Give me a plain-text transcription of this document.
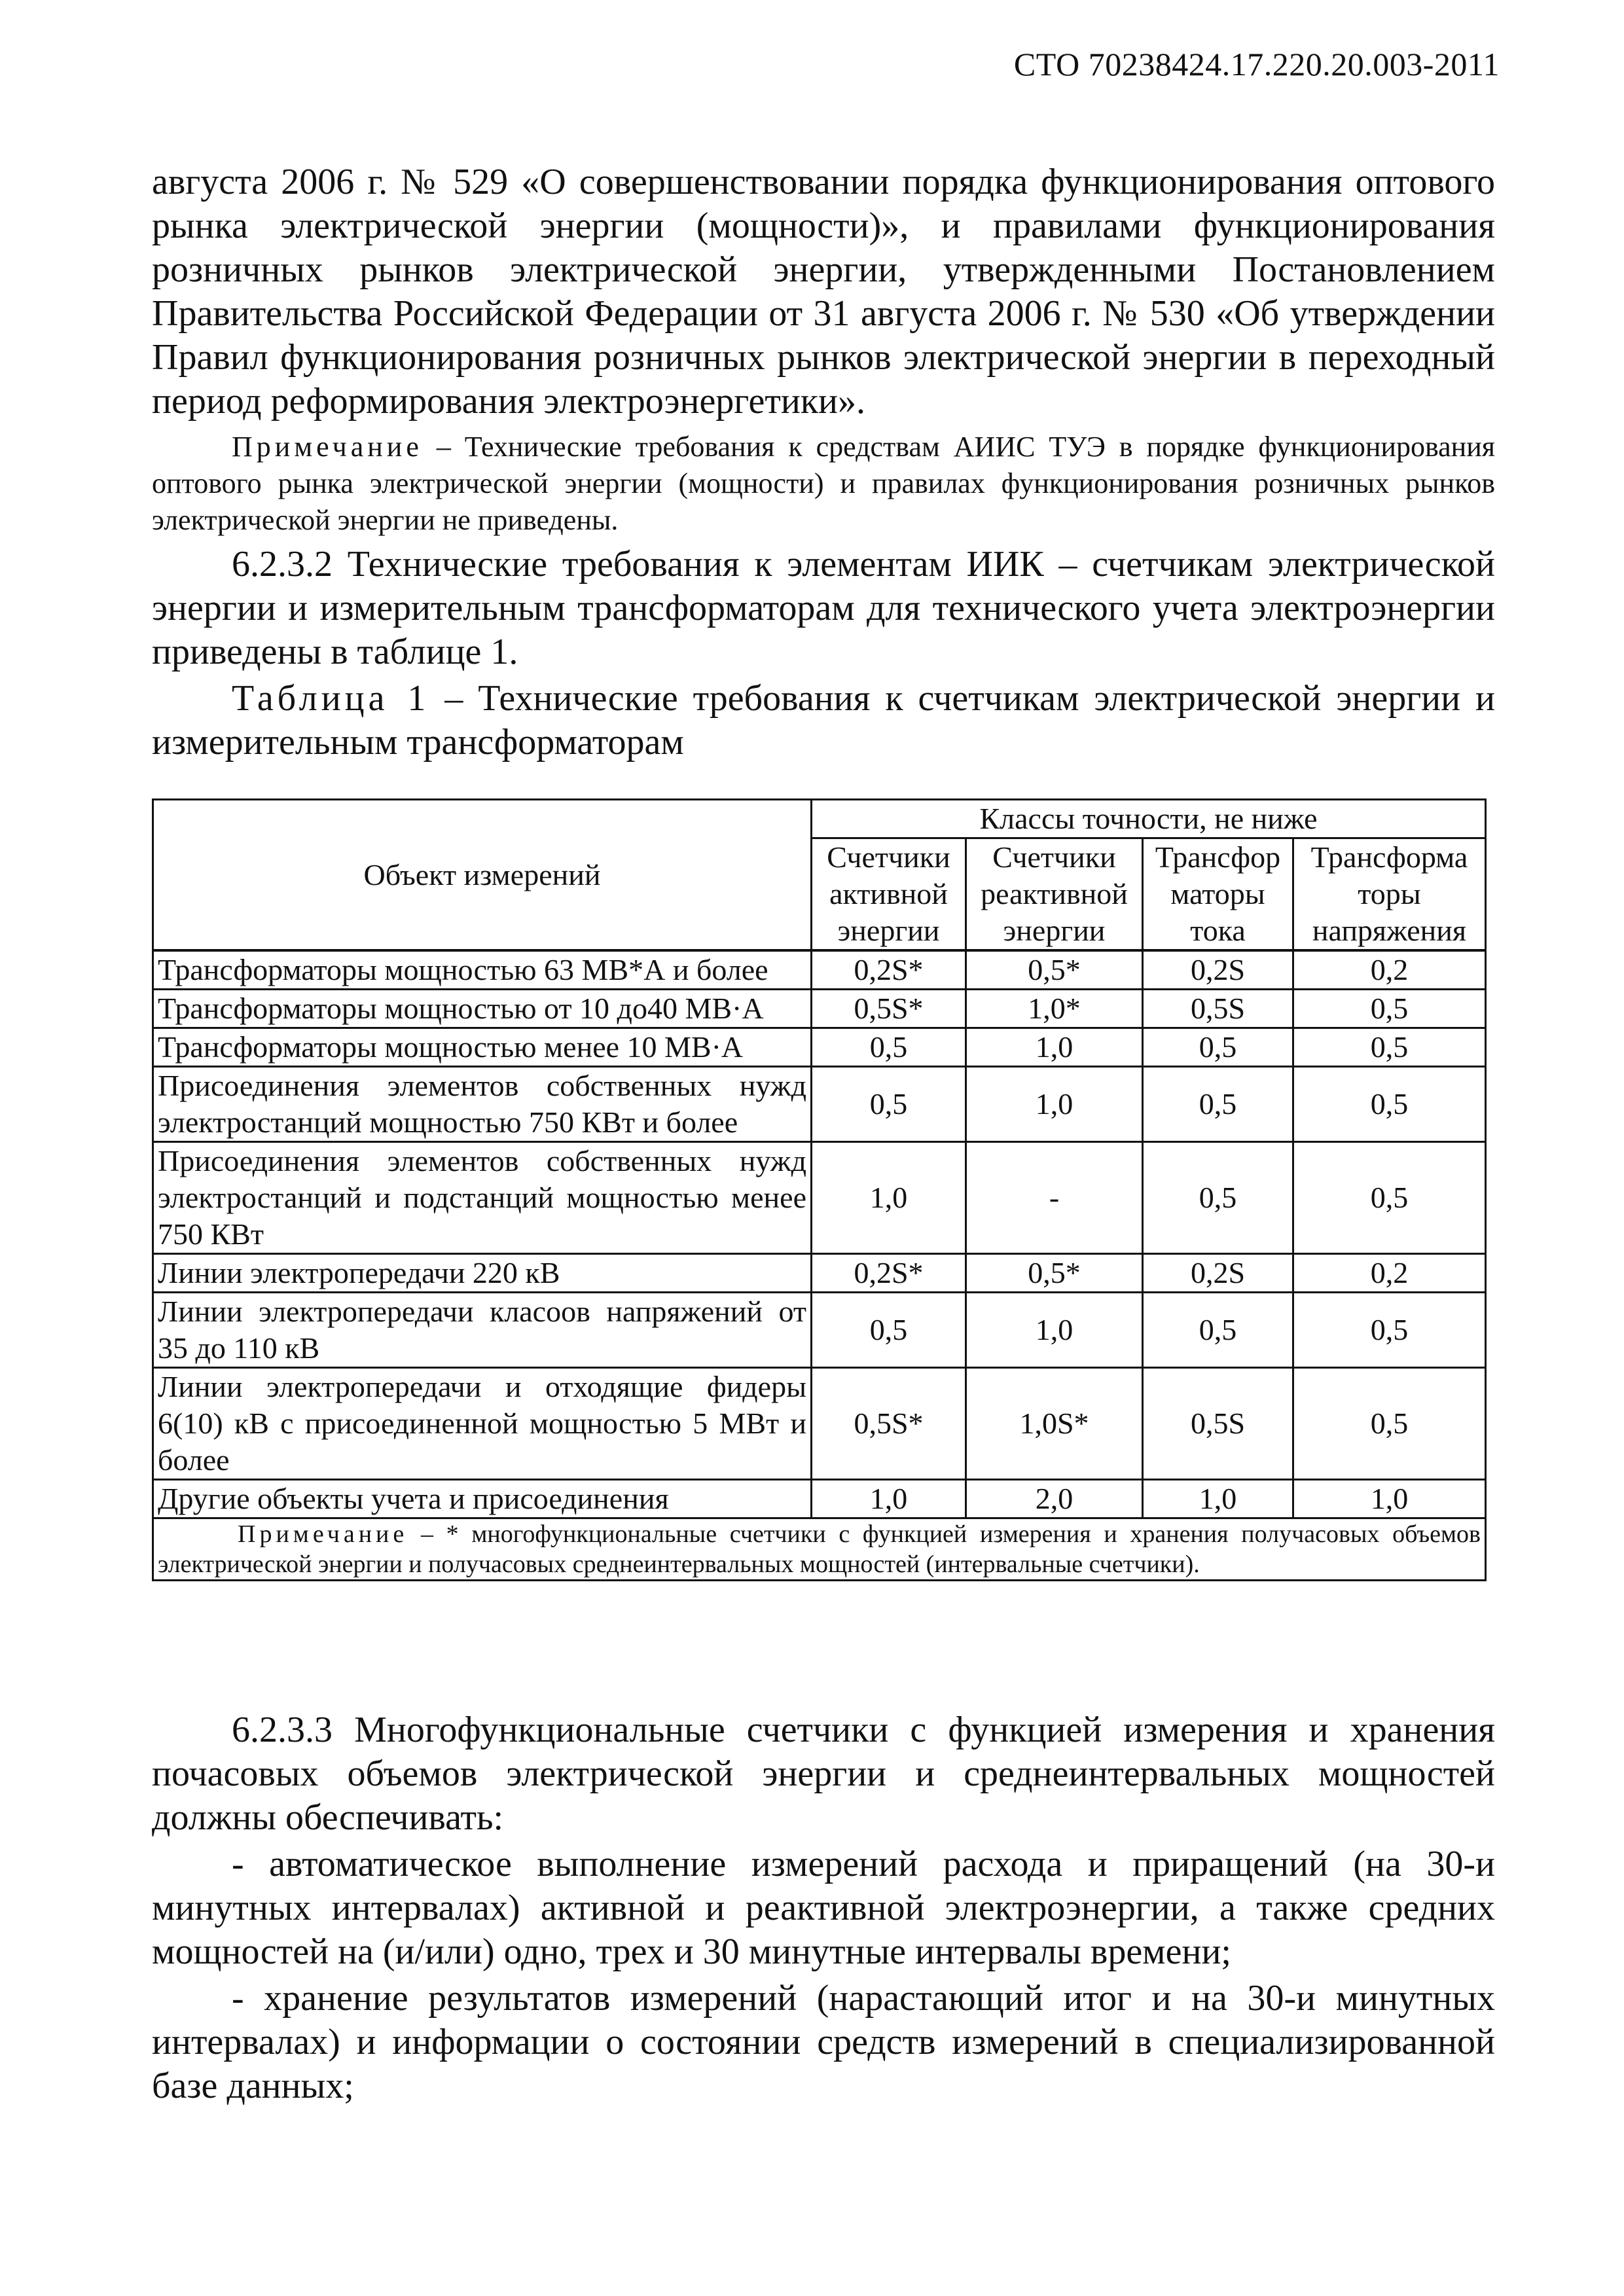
СТО 70238424.17.220.20.003-2011

августа 2006 г. № 529 «О совершенствовании порядка функционирования оптового рынка электрической энергии (мощности)», и правилами функционирования розничных рынков электрической энергии, утвержденными Постановлением Правительства Российской Федерации от 31 августа 2006 г. № 530 «Об утверждении Правил функционирования розничных рынков электрической энергии в переходный период реформирования электроэнергетики».

Примечание – Технические требования к средствам АИИС ТУЭ в порядке функционирования оптового рынка электрической энергии (мощности) и правилах функционирования розничных рынков электрической энергии не приведены.

6.2.3.2 Технические требования к элементам ИИК – счетчикам электрической энергии и измерительным трансформаторам для технического учета электроэнергии приведены в таблице 1.

Таблица 1 – Технические требования к счетчикам электрической энергии и измерительным трансформаторам

Объект измерений	Классы точности, не ниже			
	Счетчики активной энергии	Счетчики реактивной энергии	Трансфор маторы тока	Трансформа торы напряжения
Трансформаторы мощностью 63 МВ*А и более	0,2S*	0,5*	0,2S	0,2
Трансформаторы мощностью от 10 до40 МВ·А	0,5S*	1,0*	0,5S	0,5
Трансформаторы мощностью менее 10 МВ·А	0,5	1,0	0,5	0,5
Присоединения элементов собственных нужд электростанций мощностью 750 КВт и более	0,5	1,0	0,5	0,5
Присоединения элементов собственных нужд электростанций и подстанций мощностью менее 750 КВт	1,0	-	0,5	0,5
Линии электропередачи 220 кВ	0,2S*	0,5*	0,2S	0,2
Линии электропередачи класоов напряжений от 35 до 110 кВ	0,5	1,0	0,5	0,5
Линии электропередачи и отходящие фидеры 6(10) кВ с присоединенной мощностью 5 МВт и более	0,5S*	1,0S*	0,5S	0,5
Другие объекты учета и присоединения	1,0	2,0	1,0	1,0
Примечание – * многофункциональные счетчики с функцией измерения и хранения получасовых объемов электрической энергии и получасовых среднеинтервальных мощностей (интервальные счетчики).				

6.2.3.3 Многофункциональные счетчики с функцией измерения и хранения почасовых объемов электрической энергии и среднеинтервальных мощностей должны обеспечивать:

- автоматическое выполнение измерений расхода и приращений (на 30-и минутных интервалах) активной и реактивной электроэнергии, а также средних мощностей на (и/или) одно, трех и 30 минутные интервалы времени;

- хранение результатов измерений (нарастающий итог и на 30-и минутных интервалах) и информации о состоянии средств измерений в специализированной базе данных;
